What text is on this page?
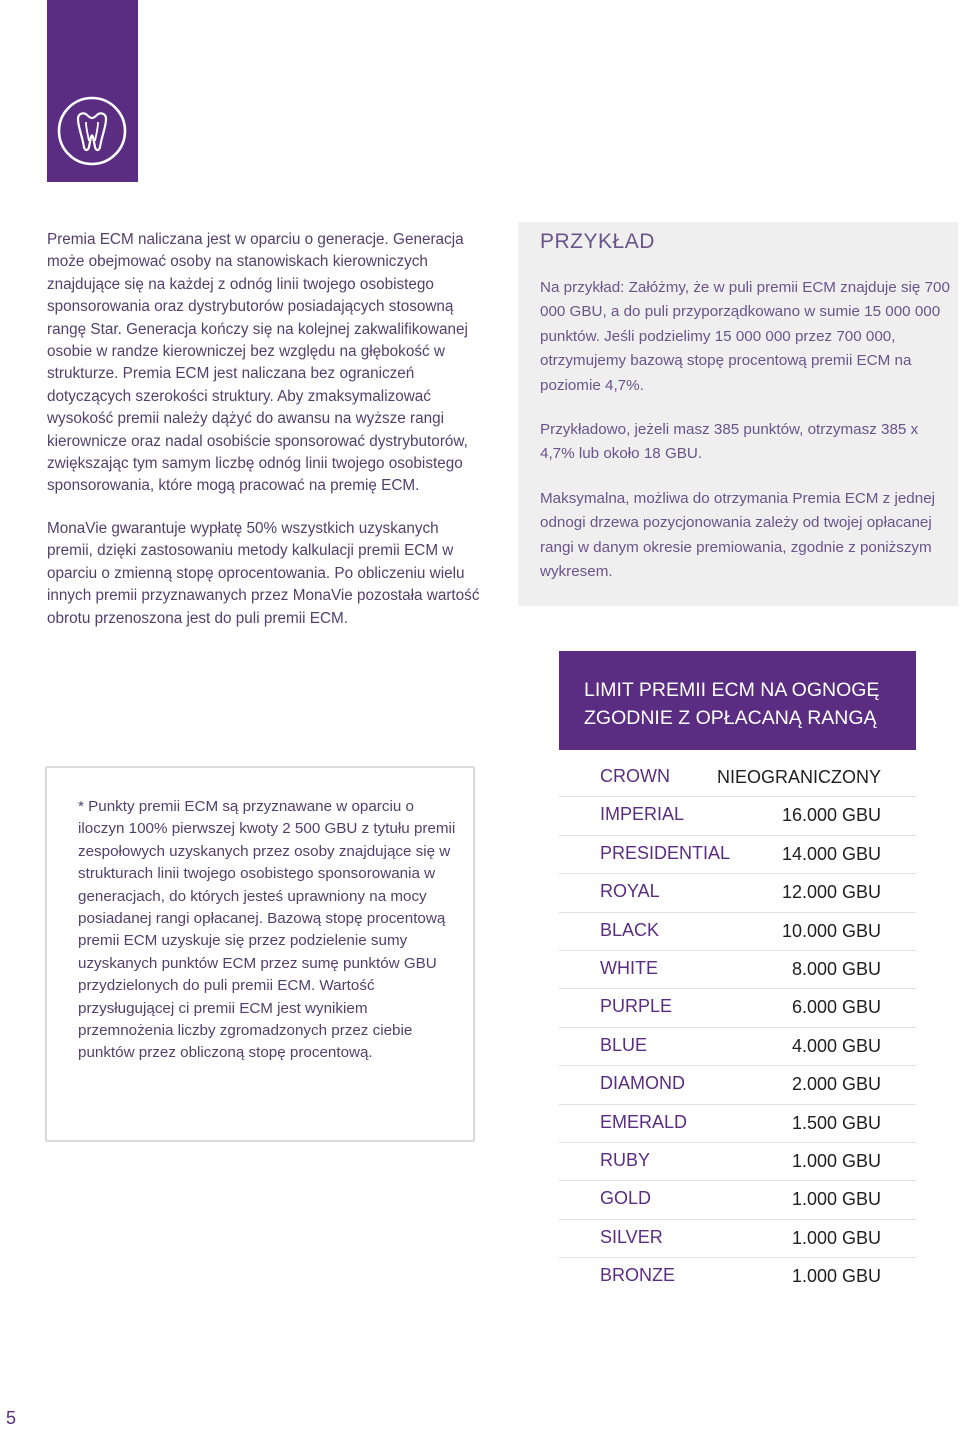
Premia ECM naliczana jest w oparciu o generacje. Generacja może obejmować osoby na stanowiskach kierowniczych znajdujące się na każdej z odnóg linii twojego osobistego sponsorowania oraz dystrybutorów posiadających stosowną rangę Star. Generacja kończy się na kolejnej zakwalifikowanej osobie w randze kierowniczej bez względu na głębokość w strukturze. Premia ECM jest naliczana bez ograniczeń dotyczących szerokości struktury. Aby zmaksymalizować wysokość premii należy dążyć do awansu na wyższe rangi kierownicze oraz nadal osobiście sponsorować dystrybutorów, zwiększając tym samym liczbę odnóg linii twojego osobistego sponsorowania, które mogą pracować na premię ECM.

MonaVie gwarantuje wypłatę 50% wszystkich uzyskanych premii, dzięki zastosowaniu metody kalkulacji premii ECM w oparciu o zmienną stopę oprocentowania. Po obliczeniu wielu innych premii przyznawanych przez MonaVie pozostała wartość obrotu przenoszona jest do puli premii ECM.

* Punkty premii ECM są przyznawane w oparciu o iloczyn 100% pierwszej kwoty 2 500 GBU z tytułu premii zespołowych uzyskanych przez osoby znajdujące się w strukturach linii twojego osobistego sponsorowania w generacjach, do których jesteś uprawniony na mocy posiadanej rangi opłacanej. Bazową stopę procentową premii ECM uzyskuje się przez podzielenie sumy uzyskanych punktów ECM przez sumę punktów GBU przydzielonych do puli premii ECM. Wartość przysługującej ci premii ECM jest wynikiem przemnożenia liczby zgromadzonych przez ciebie punktów przez obliczoną stopę procentową.

PRZYKŁAD

Na przykład: Załóżmy, że w puli premii ECM znajduje się 700 000 GBU, a do puli przyporządkowano w sumie 15 000 000 punktów. Jeśli podzielimy 15 000 000 przez 700 000, otrzymujemy bazową stopę procentową premii ECM na poziomie 4,7%.

Przykładowo, jeżeli masz 385 punktów, otrzymasz 385 x 4,7% lub około 18 GBU.

Maksymalna, możliwa do otrzymania Premia ECM z jednej odnogi drzewa pozycjonowania zależy od twojej opłacanej rangi w danym okresie premiowania, zgodnie z poniższym wykresem.

LIMIT PREMII ECM NA OGNOGĘ
ZGODNIE Z OPŁACANĄ RANGĄ
CROWN	NIEOGRANICZONY
IMPERIAL	16.000 GBU
PRESIDENTIAL	14.000 GBU
ROYAL	12.000 GBU
BLACK	10.000 GBU
WHITE	8.000 GBU
PURPLE	6.000 GBU
BLUE	4.000 GBU
DIAMOND	2.000 GBU
EMERALD	1.500 GBU
RUBY	1.000 GBU
GOLD	1.000 GBU
SILVER	1.000 GBU
BRONZE	1.000 GBU
5
